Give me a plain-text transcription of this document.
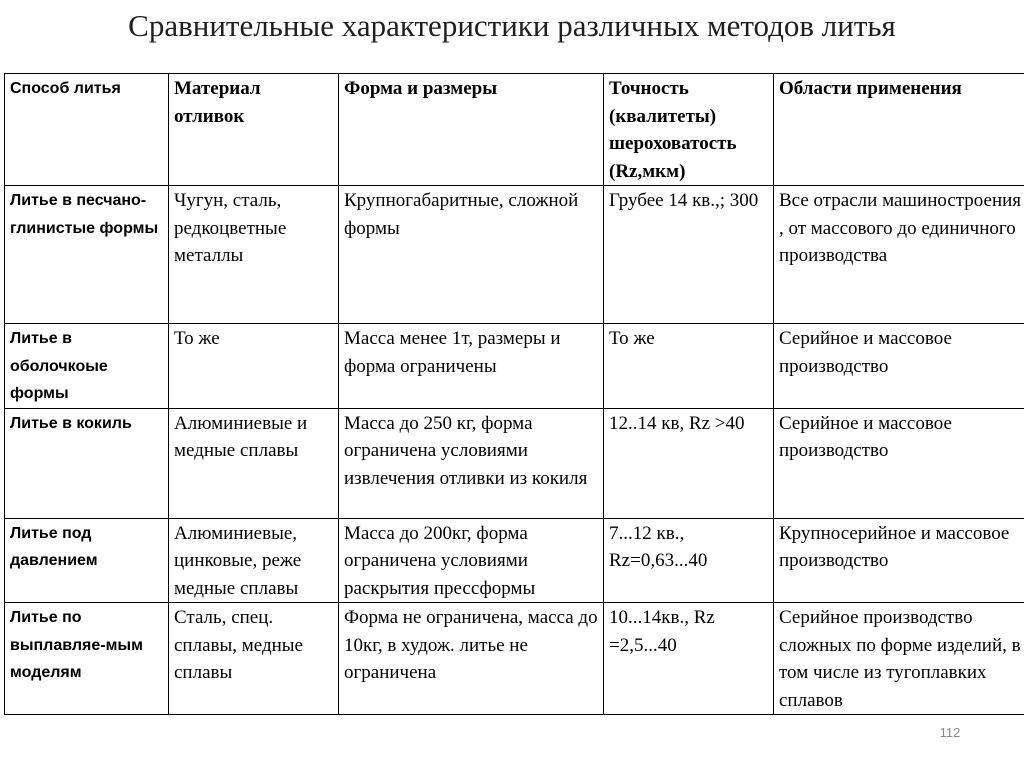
Сравнительные характеристики различных методов литья
Способ литья	Материал отливок	Форма и размеры	Точность (квалитеты) шероховатость (Rz,мкм)	Области применения
Литье в песчано-глинистые формы	Чугун, сталь, редкоцветные металлы	Крупногабаритные, сложной формы	Грубее 14 кв.,; 300	Все отрасли машиностроения , от массового до единичного производства
Литье в оболочкоые формы	То же	Масса менее 1т, размеры и форма ограничены	То же	Серийное и массовое производство
Литье в кокиль	Алюминиевые и медные сплавы	Масса до 250 кг, форма ограничена условиями извлечения отливки из кокиля	12..14 кв, Rz >40	Серийное и массовое производство
Литье под давлением	Алюминиевые, цинковые, реже медные сплавы	Масса до 200кг, форма ограничена условиями раскрытия прессформы	7...12 кв., Rz=0,63...40	Крупносерийное и массовое производство
Литье по выплавляе-мым моделям	Сталь, спец. сплавы, медные сплавы	Форма не ограничена, масса до 10кг, в худож. литье не ограничена	10...14кв., Rz =2,5...40	Серийное производство сложных по форме изделий, в том числе из тугоплавких сплавов
112
